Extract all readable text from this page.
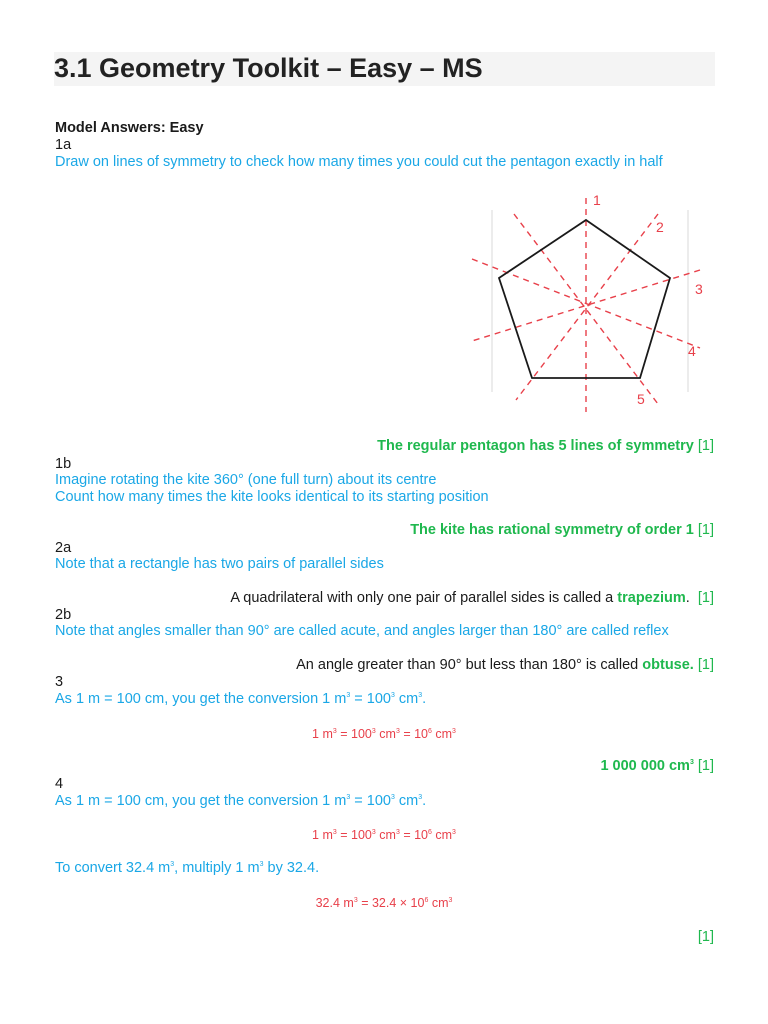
3.1 Geometry Toolkit – Easy – MS
Model Answers: Easy
1a
Draw on lines of symmetry to check how many times you could cut the pentagon exactly in half
1
2
3
4
5
The regular pentagon has 5 lines of symmetry [1]
1b
Imagine rotating the kite 360° (one full turn) about its centre
Count how many times the kite looks identical to its starting position
The kite has rational symmetry of order 1 [1]
2a
Note that a rectangle has two pairs of parallel sides
A quadrilateral with only one pair of parallel sides is called a trapezium. [1]
2b
Note that angles smaller than 90° are called acute, and angles larger than 180° are called reflex
An angle greater than 90° but less than 180° is called obtuse. [1]
3
As 1 m = 100 cm, you get the conversion 1 $m^3 = 100^3$ $cm^3$.
1 $m^3 = 100^3$ $cm^3 = 10^6$ $cm^3$
1 000 000 $cm^3$ [1]
4
As 1 m = 100 cm, you get the conversion 1 $m^3 = 100^3$ $cm^3$.
1 $m^3 = 100^3$ $cm^3 = 10^6$ $cm^3$
To convert 32.4 $m^3$, multiply 1 $m^3$ by 32.4.
32.4 $m^3 = 32.4 \times 10^6$ $cm^3$
[1]
